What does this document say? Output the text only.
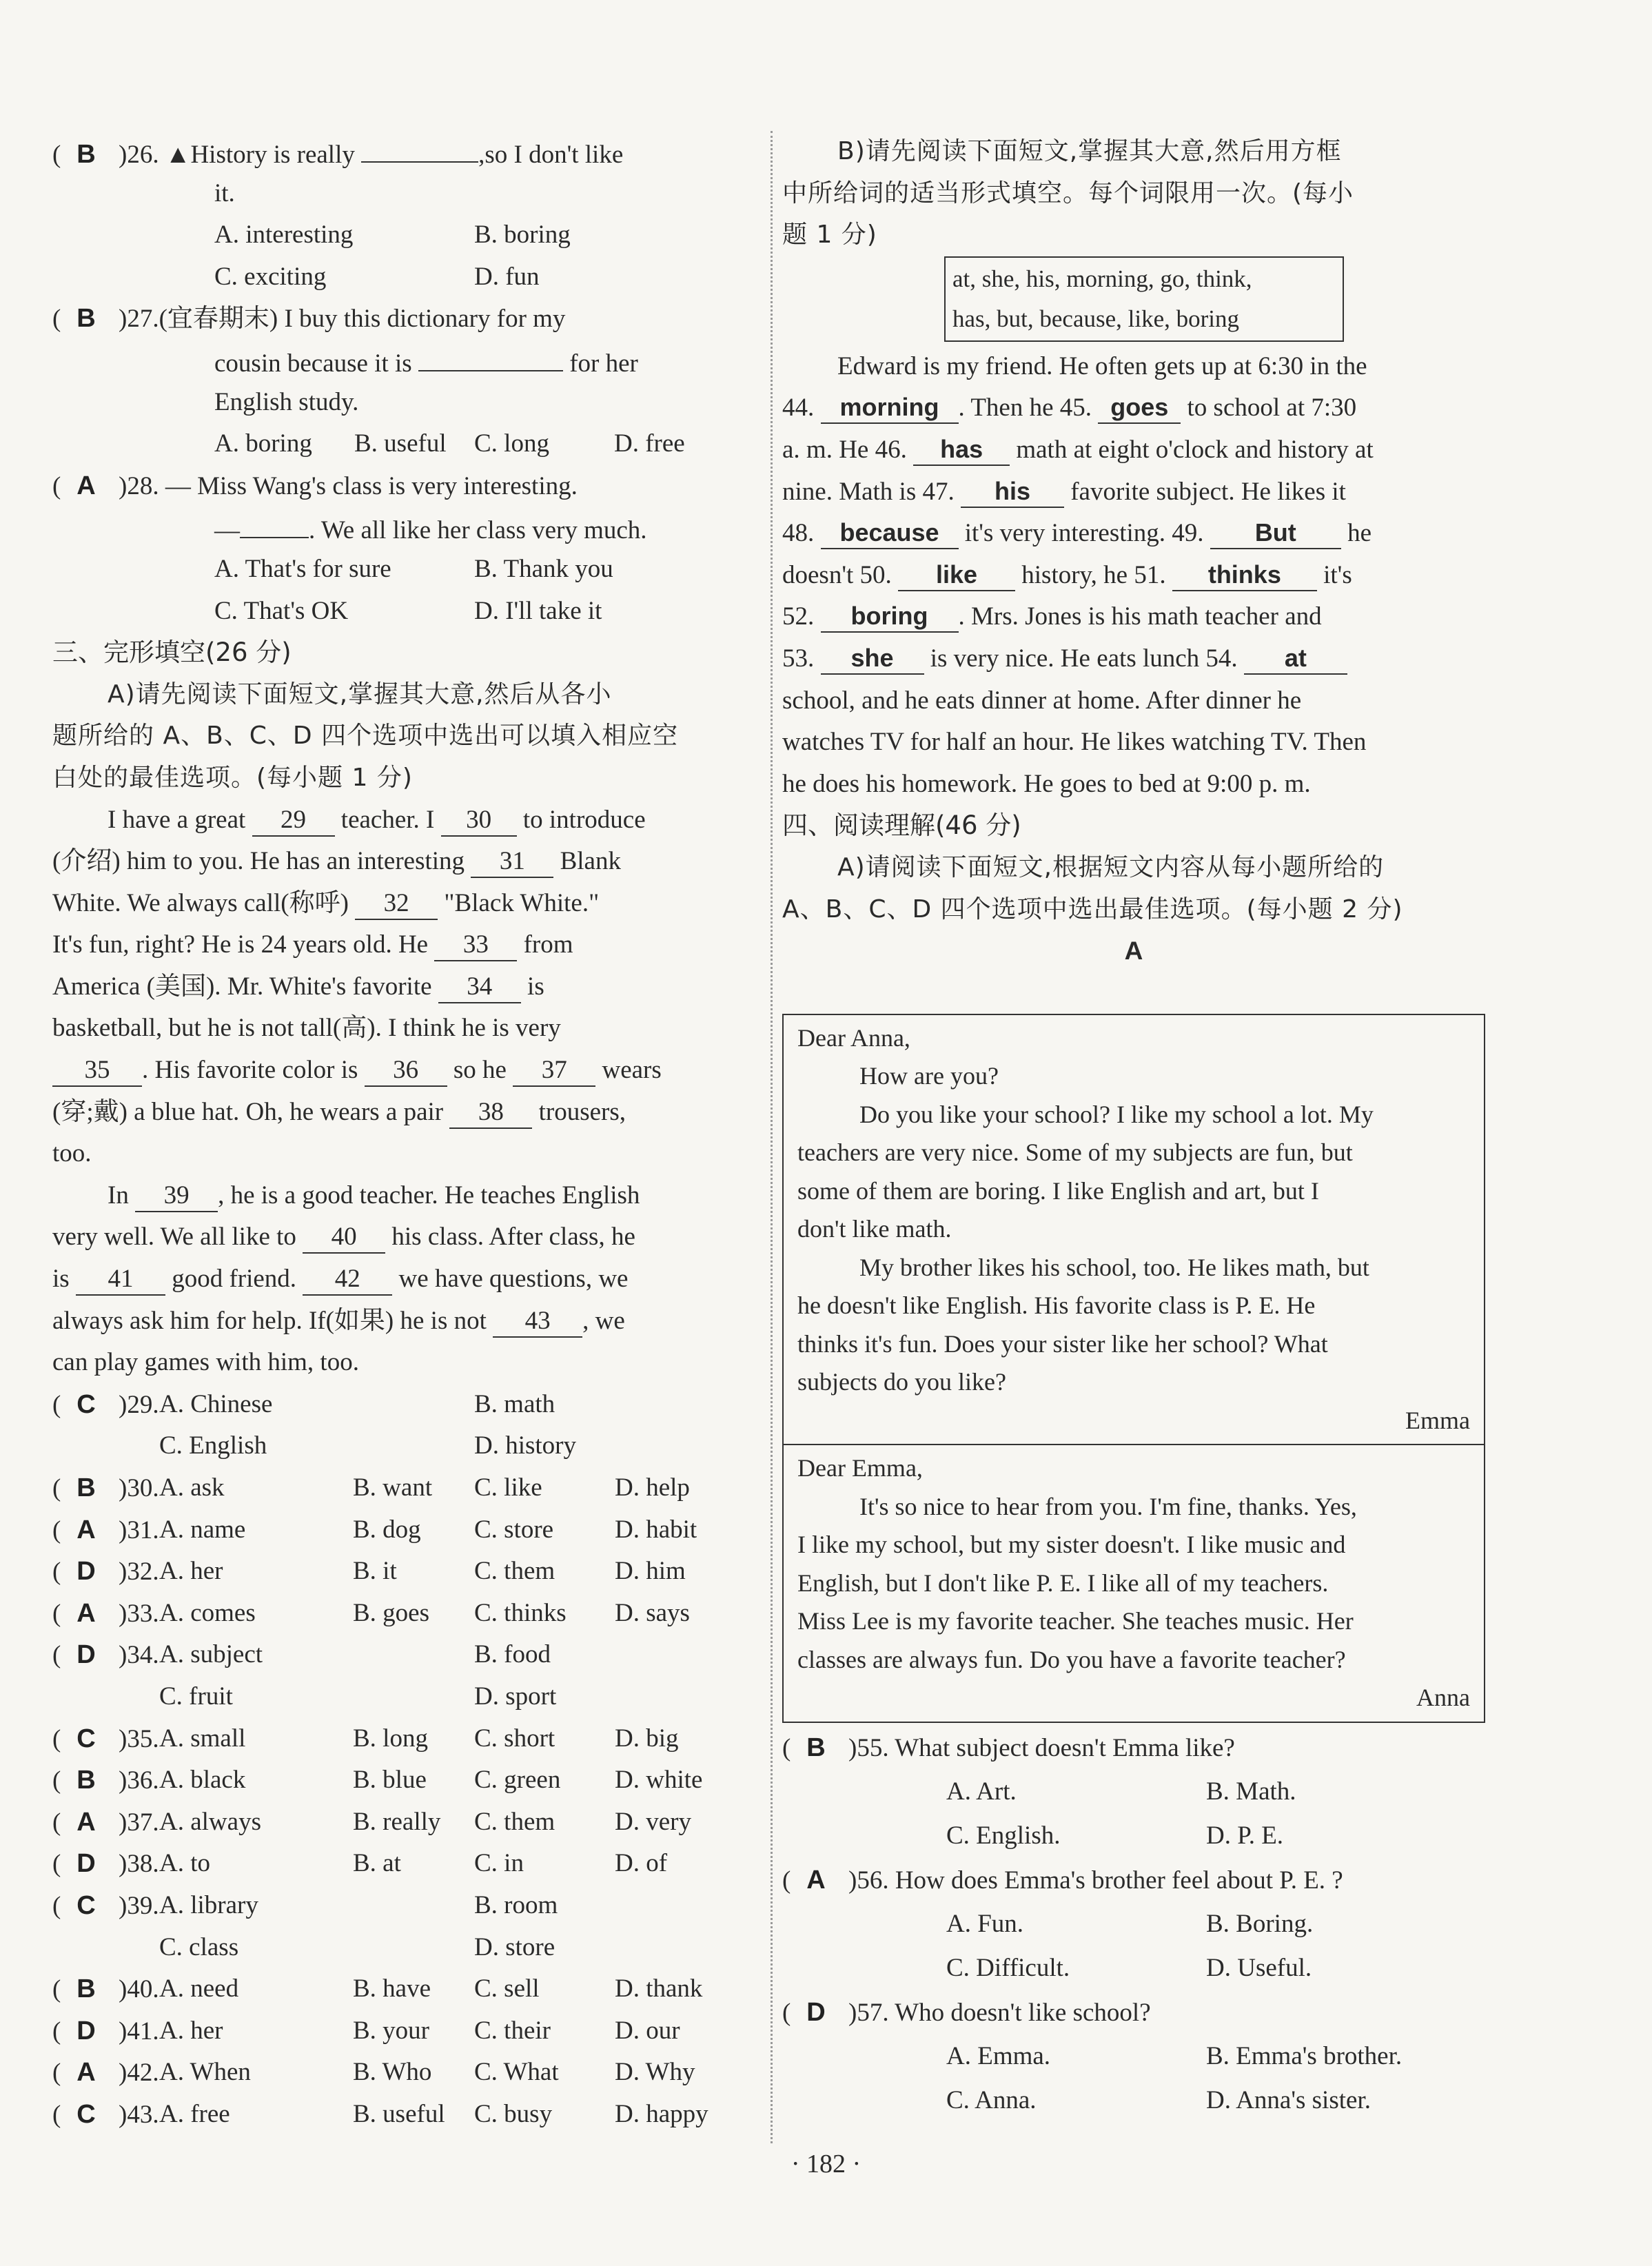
( B )26. ▲History is really	,so I don't like
it.
A. interesting	B. boring
C. exciting	D. fun
( B )27.(宜春期末) I buy this dictionary for my
cousin because it is	for her
English study.
A. boring B. useful C. long	D. free
( A )28. — Miss Wang's class is very interesting.
—	. We all like her class very much.
A. That's for sure	B. Thank you
C. That's OK	D. I'll take it
三、完形填空(26 分)
A)请先阅读下面短文,掌握其大意,然后从各小
题所给的 A、B、C、D 四个选项中选出可以填入相应空
白处的最佳选项。(每小题 1 分)
I have a great 29 teacher. I 30 to introduce
(介绍) him to you. He has an interesting 31 Blank
White. We always call(称呼) 32 "Black White."
It's fun, right? He is 24 years old. He 33 from
America (美国). Mr. White's favorite 34 is
basketball, but he is not tall(高). I think he is very
35 . His favorite color is 36 so he 37 wears
(穿;戴) a blue hat. Oh, he wears a pair 38 trousers,
too.
In 39 , he is a good teacher. He teaches English
very well. We all like to 40 his class. After class, he
is 41 good friend. 42 we have questions, we
always ask him for help. If(如果) he is not 43 , we
can play games with him, too.
( C )29. A. Chinese	B. math
C. English	D. history
( B )30. A. ask	B. want C. like	D. help
( A )31. A. name	B. dog C. store D. habit
( D )32. A. her	B. it	C. them D. him
( A )33. A. comes	B. goes C. thinks D. says
( D )34. A. subject	B. food
C. fruit	D. sport
( C )35. A. small	B. long C. short D. big
( B )36. A. black	B. blue C. green D. white
( A )37. A. always	B. really C. them D. very
( D )38. A. to	B. at	C. in	D. of
( C )39. A. library	B. room
C. class	D. store
( B )40. A. need	B. have C. sell	D. thank
( D )41. A. her	B. your C. their	D. our
( A )42. A. When	B. Who C. What D. Why
( C )43. A. free	B. useful C. busy D. happy
B)请先阅读下面短文,掌握其大意,然后用方框
中所给词的适当形式填空。每个词限用一次。(每小
题 1 分)
at, she, his, morning, go, think,
has, but, because, like, boring
Edward is my friend. He often gets up at 6:30 in the
44. morning . Then he 45. goes to school at 7:30
a. m. He 46. has math at eight o'clock and history at
nine. Math is 47. his favorite subject. He likes it
48. because it's very interesting. 49. But he
doesn't 50. like history, he 51. thinks it's
52. boring . Mrs. Jones is his math teacher and
53. she is very nice. He eats lunch 54. at
school, and he eats dinner at home. After dinner he
watches TV for half an hour. He likes watching TV. Then
he does his homework. He goes to bed at 9:00 p. m.
四、阅读理解(46 分)
A)请阅读下面短文,根据短文内容从每小题所给的
A、B、C、D 四个选项中选出最佳选项。(每小题 2 分)
A
Dear Anna,
How are you?
Do you like your school? I like my school a lot. My
teachers are very nice. Some of my subjects are fun, but
some of them are boring. I like English and art, but I
don't like math.
My brother likes his school, too. He likes math, but
he doesn't like English. His favorite class is P. E. He
thinks it's fun. Does your sister like her school? What
subjects do you like?
Emma
Dear Emma,
It's so nice to hear from you. I'm fine, thanks. Yes,
I like my school, but my sister doesn't. I like music and
English, but I don't like P. E. I like all of my teachers.
Miss Lee is my favorite teacher. She teaches music. Her
classes are always fun. Do you have a favorite teacher?
Anna
( B )55. What subject doesn't Emma like?
A. Art.	B. Math.
C. English.	D. P. E.
( A )56. How does Emma's brother feel about P. E. ?
A. Fun.	B. Boring.
C. Difficult.	D. Useful.
( D )57. Who doesn't like school?
A. Emma.	B. Emma's brother.
C. Anna.	D. Anna's sister.
· 182 ·
